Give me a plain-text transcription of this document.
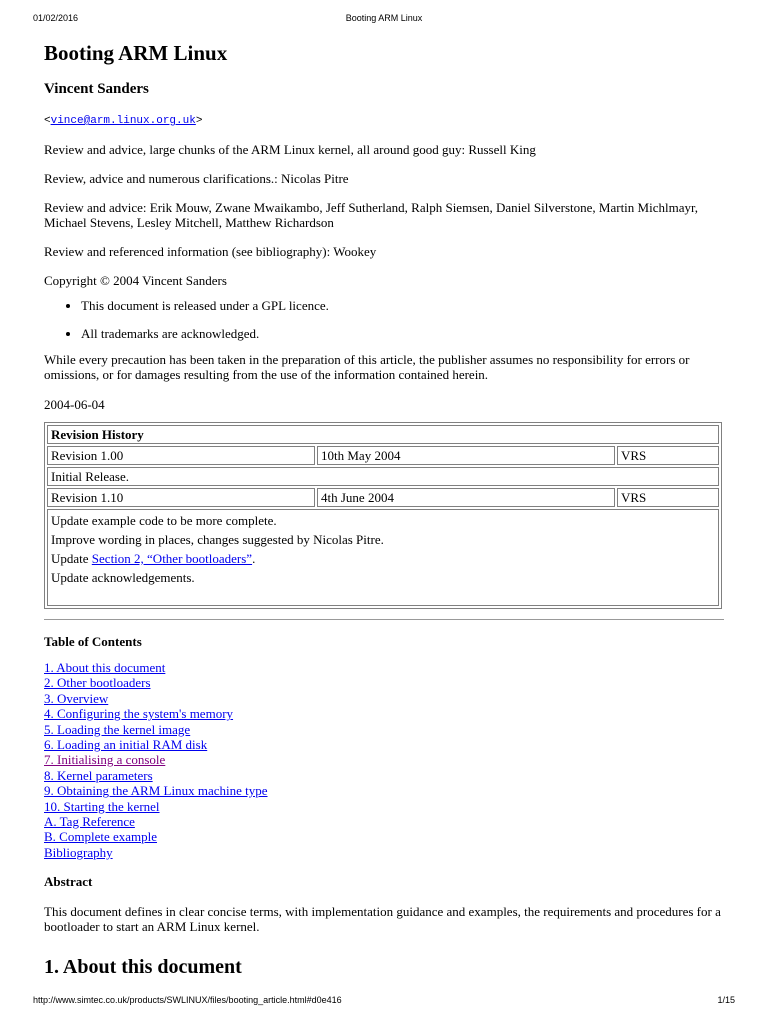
01/02/2016	Booting ARM Linux
Booting ARM Linux
Vincent Sanders
<vince@arm.linux.org.uk>

Review and advice, large chunks of the ARM Linux kernel, all around good guy: Russell King

Review, advice and numerous clarifications.: Nicolas Pitre

Review and advice: Erik Mouw, Zwane Mwaikambo, Jeff Sutherland, Ralph Siemsen, Daniel Silverstone, Martin Michlmayr, Michael Stevens, Lesley Mitchell, Matthew Richardson

Review and referenced information (see bibliography): Wookey

Copyright © 2004 Vincent Sanders

• This document is released under a GPL licence.
• All trademarks are acknowledged.

While every precaution has been taken in the preparation of this article, the publisher assumes no responsibility for errors or omissions, or for damages resulting from the use of the information contained herein.

2004-06-04

Revision History		
Revision 1.00	10th May 2004	VRS
Initial Release.		
Revision 1.10	4th June 2004	VRS

Update example code to be more complete.
Improve wording in places, changes suggested by Nicolas Pitre.
Update Section 2, “Other bootloaders”.
Update acknowledgements.		
Table of Contents
1. About this document
2. Other bootloaders
3. Overview
4. Configuring the system's memory
5. Loading the kernel image
6. Loading an initial RAM disk
7. Initialising a console
8. Kernel parameters
9. Obtaining the ARM Linux machine type
10. Starting the kernel
A. Tag Reference
B. Complete example
Bibliography
Abstract

This document defines in clear concise terms, with implementation guidance and examples, the requirements and procedures for a bootloader to start an ARM Linux kernel.

1. About this document
http://www.simtec.co.uk/products/SWLINUX/files/booting_article.html#d0e416	1/15
